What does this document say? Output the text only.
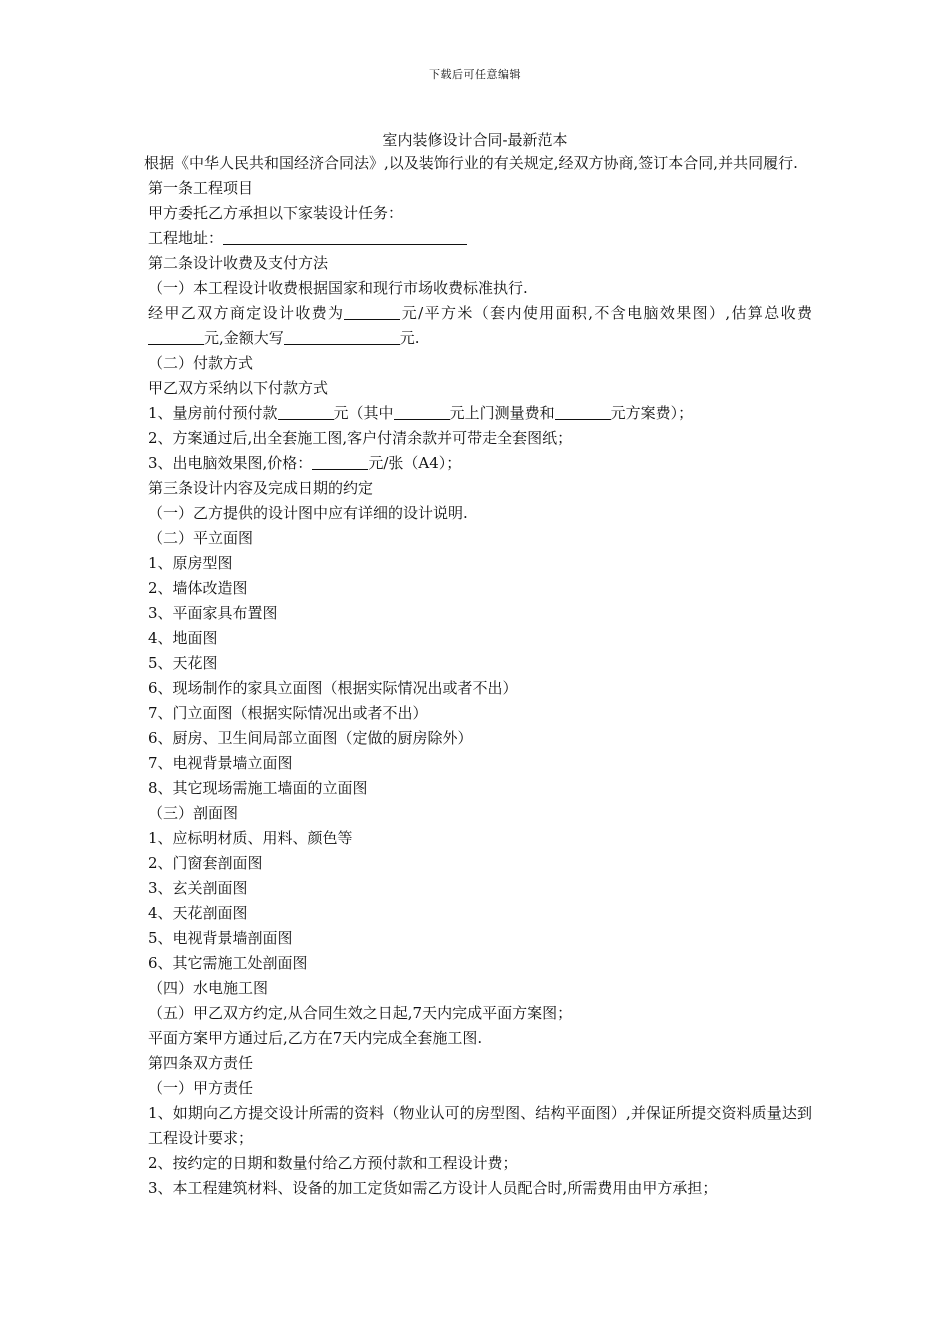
下载后可任意编辑
室内装修设计合同-最新范本
根据《中华人民共和国经济合同法》,以及装饰行业的有关规定,经双方协商,签订本合同,并共同履行.
第一条工程项目
甲方委托乙方承担以下家装设计任务：
工程地址：
第二条设计收费及支付方法
（一）本工程设计收费根据国家和现行市场收费标准执行.
经甲乙双方商定设计收费为	元/平方米（套内使用面积,不含电脑效果图）,估算总收费元,金额大写	元.
（二）付款方式
甲乙双方采纳以下付款方式
1、量房前付预付款	元（其中	元上门测量费和	元方案费）；
2、方案通过后,出全套施工图,客户付清余款并可带走全套图纸；
3、出电脑效果图,价格：	元/张（A4）；
第三条设计内容及完成日期的约定
（一）乙方提供的设计图中应有详细的设计说明.
（二）平立面图
1、原房型图
2、墙体改造图
3、平面家具布置图
4、地面图
5、天花图
6、现场制作的家具立面图（根据实际情况出或者不出）
7、门立面图（根据实际情况出或者不出）
6、厨房、卫生间局部立面图（定做的厨房除外）
7、电视背景墙立面图
8、其它现场需施工墙面的立面图
（三）剖面图
1、应标明材质、用料、颜色等
2、门窗套剖面图
3、玄关剖面图
4、天花剖面图
5、电视背景墙剖面图
6、其它需施工处剖面图
（四）水电施工图
（五）甲乙双方约定,从合同生效之日起,7天内完成平面方案图；
平面方案甲方通过后,乙方在7天内完成全套施工图.
第四条双方责任
（一）甲方责任
1、如期向乙方提交设计所需的资料（物业认可的房型图、结构平面图）,并保证所提交资料质量达到工程设计要求；
2、按约定的日期和数量付给乙方预付款和工程设计费；
3、本工程建筑材料、设备的加工定货如需乙方设计人员配合时,所需费用由甲方承担；
